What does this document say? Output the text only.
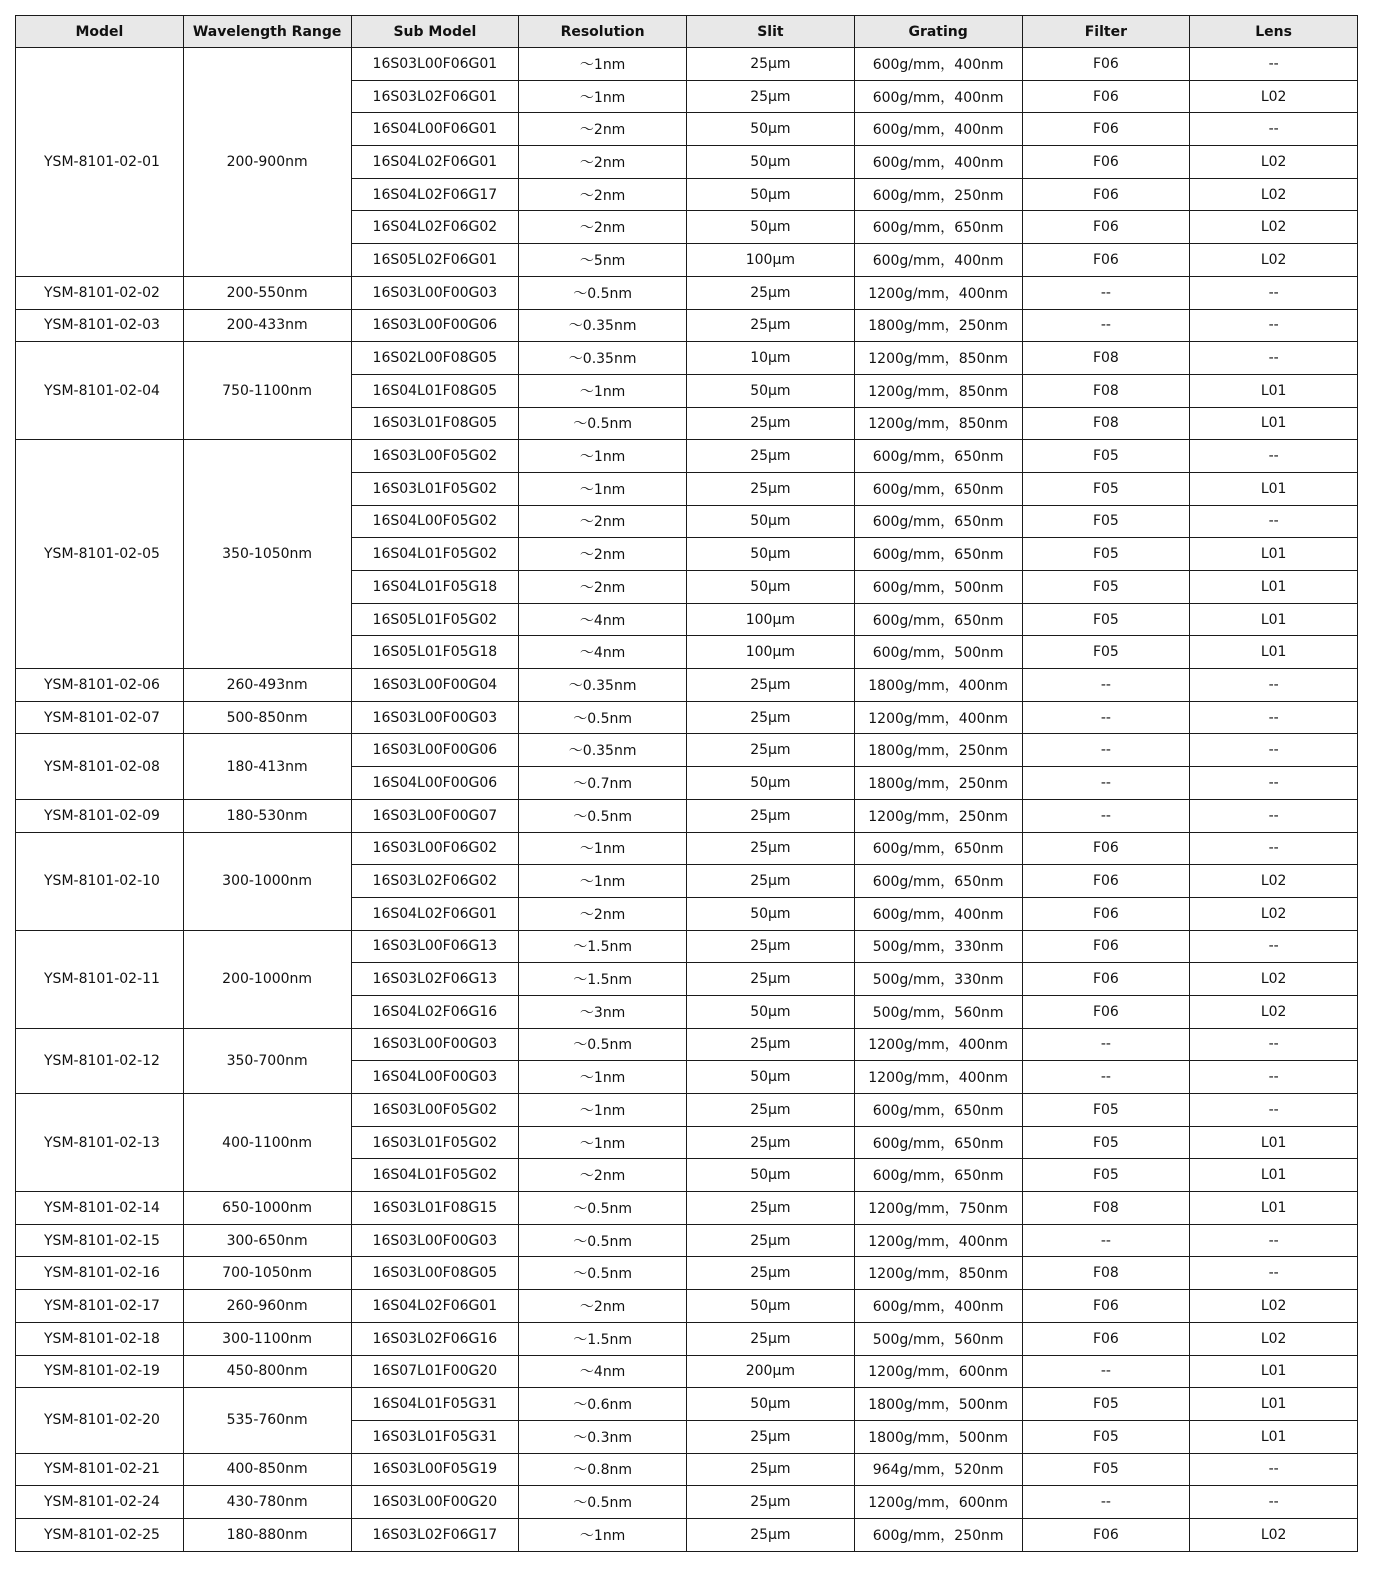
Model	Wavelength Range	Sub Model	Resolution	Slit	Grating	Filter	Lens
YSM-8101-02-01	200-900nm	16S03L00F06G01	～1nm	25μm	600g/mm，400nm	F06	--
		16S03L02F06G01	～1nm	25μm	600g/mm，400nm	F06	L02
		16S04L00F06G01	～2nm	50μm	600g/mm，400nm	F06	--
		16S04L02F06G01	～2nm	50μm	600g/mm，400nm	F06	L02
		16S04L02F06G17	～2nm	50μm	600g/mm，250nm	F06	L02
		16S04L02F06G02	～2nm	50μm	600g/mm，650nm	F06	L02
		16S05L02F06G01	～5nm	100μm	600g/mm，400nm	F06	L02
YSM-8101-02-02	200-550nm	16S03L00F00G03	～0.5nm	25μm	1200g/mm，400nm	--	--
YSM-8101-02-03	200-433nm	16S03L00F00G06	～0.35nm	25μm	1800g/mm，250nm	--	--
YSM-8101-02-04	750-1100nm	16S02L00F08G05	～0.35nm	10μm	1200g/mm，850nm	F08	--
		16S04L01F08G05	～1nm	50μm	1200g/mm，850nm	F08	L01
		16S03L01F08G05	～0.5nm	25μm	1200g/mm，850nm	F08	L01
YSM-8101-02-05	350-1050nm	16S03L00F05G02	～1nm	25μm	600g/mm，650nm	F05	--
		16S03L01F05G02	～1nm	25μm	600g/mm，650nm	F05	L01
		16S04L00F05G02	～2nm	50μm	600g/mm，650nm	F05	--
		16S04L01F05G02	～2nm	50μm	600g/mm，650nm	F05	L01
		16S04L01F05G18	～2nm	50μm	600g/mm，500nm	F05	L01
		16S05L01F05G02	～4nm	100μm	600g/mm，650nm	F05	L01
		16S05L01F05G18	～4nm	100μm	600g/mm，500nm	F05	L01
YSM-8101-02-06	260-493nm	16S03L00F00G04	～0.35nm	25μm	1800g/mm，400nm	--	--
YSM-8101-02-07	500-850nm	16S03L00F00G03	～0.5nm	25μm	1200g/mm，400nm	--	--
YSM-8101-02-08	180-413nm	16S03L00F00G06	～0.35nm	25μm	1800g/mm，250nm	--	--
		16S04L00F00G06	～0.7nm	50μm	1800g/mm，250nm	--	--
YSM-8101-02-09	180-530nm	16S03L00F00G07	～0.5nm	25μm	1200g/mm，250nm	--	--
YSM-8101-02-10	300-1000nm	16S03L00F06G02	～1nm	25μm	600g/mm，650nm	F06	--
		16S03L02F06G02	～1nm	25μm	600g/mm，650nm	F06	L02
		16S04L02F06G01	～2nm	50μm	600g/mm，400nm	F06	L02
YSM-8101-02-11	200-1000nm	16S03L00F06G13	～1.5nm	25μm	500g/mm，330nm	F06	--
		16S03L02F06G13	～1.5nm	25μm	500g/mm，330nm	F06	L02
		16S04L02F06G16	～3nm	50μm	500g/mm，560nm	F06	L02
YSM-8101-02-12	350-700nm	16S03L00F00G03	～0.5nm	25μm	1200g/mm，400nm	--	--
		16S04L00F00G03	～1nm	50μm	1200g/mm，400nm	--	--
YSM-8101-02-13	400-1100nm	16S03L00F05G02	～1nm	25μm	600g/mm，650nm	F05	--
		16S03L01F05G02	～1nm	25μm	600g/mm，650nm	F05	L01
		16S04L01F05G02	～2nm	50μm	600g/mm，650nm	F05	L01
YSM-8101-02-14	650-1000nm	16S03L01F08G15	～0.5nm	25μm	1200g/mm，750nm	F08	L01
YSM-8101-02-15	300-650nm	16S03L00F00G03	～0.5nm	25μm	1200g/mm，400nm	--	--
YSM-8101-02-16	700-1050nm	16S03L00F08G05	～0.5nm	25μm	1200g/mm，850nm	F08	--
YSM-8101-02-17	260-960nm	16S04L02F06G01	～2nm	50μm	600g/mm，400nm	F06	L02
YSM-8101-02-18	300-1100nm	16S03L02F06G16	～1.5nm	25μm	500g/mm，560nm	F06	L02
YSM-8101-02-19	450-800nm	16S07L01F00G20	～4nm	200μm	1200g/mm，600nm	--	L01
YSM-8101-02-20	535-760nm	16S04L01F05G31	～0.6nm	50μm	1800g/mm，500nm	F05	L01
		16S03L01F05G31	～0.3nm	25μm	1800g/mm，500nm	F05	L01
YSM-8101-02-21	400-850nm	16S03L00F05G19	～0.8nm	25μm	964g/mm，520nm	F05	--
YSM-8101-02-24	430-780nm	16S03L00F00G20	～0.5nm	25μm	1200g/mm，600nm	--	--
YSM-8101-02-25	180-880nm	16S03L02F06G17	～1nm	25μm	600g/mm，250nm	F06	L02
